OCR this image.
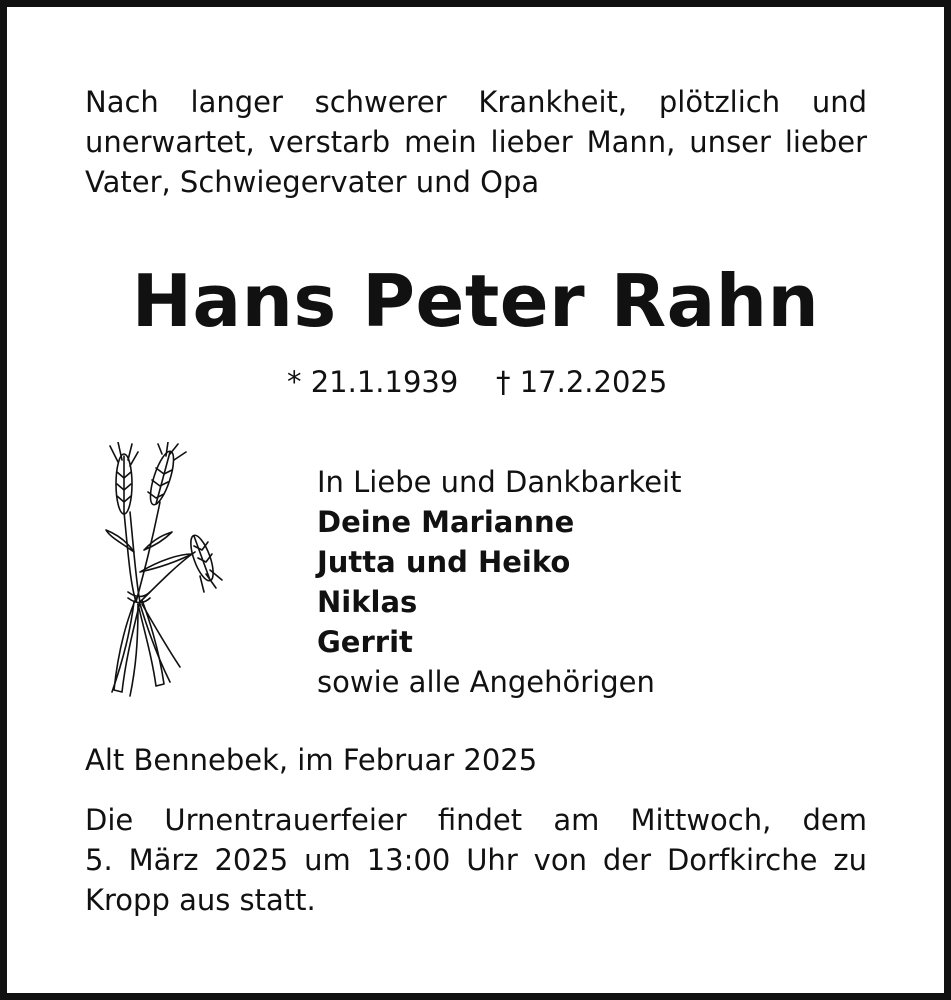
Nach langer schwerer Krankheit, plötzlich und
unerwartet, verstarb mein lieber Mann, unser lieber
Vater, Schwiegervater und Opa

Hans Peter Rahn
* 21.1.1939 † 17.2.2025
In Liebe und Dankbarkeit
Deine Marianne
Jutta und Heiko
Niklas
Gerrit
sowie alle Angehörigen
Alt Bennebek, im Februar 2025

Die Urnentrauerfeier findet am Mittwoch, dem
5. März 2025 um 13:00 Uhr von der Dorfkirche zu
Kropp aus statt.
